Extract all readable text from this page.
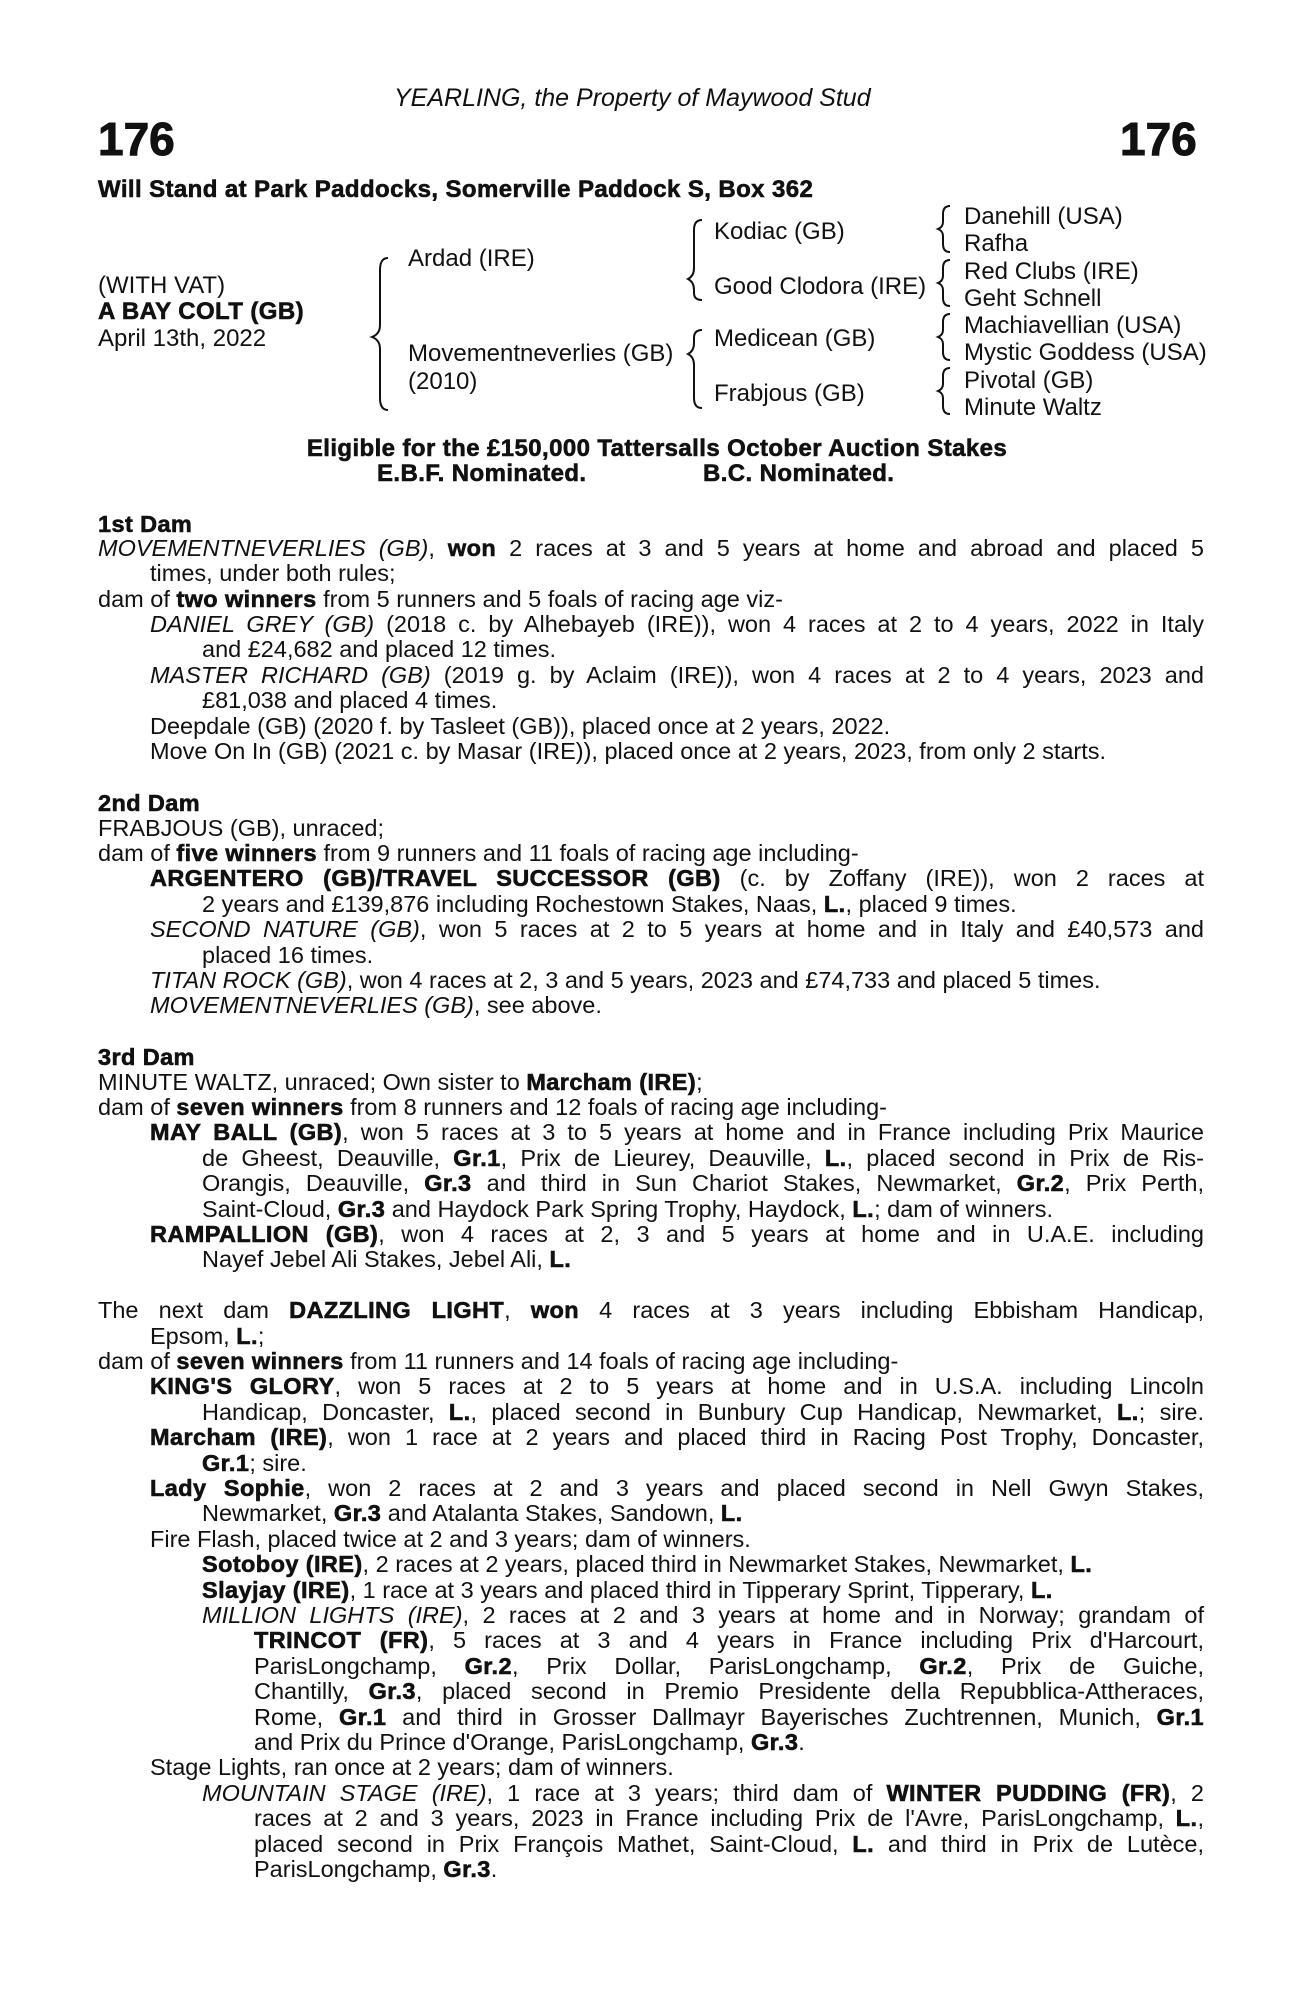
YEARLING, the Property of Maywood Stud
176	176
Will Stand at Park Paddocks, Somerville Paddock S, Box 362
(WITH VAT)
A BAY COLT (GB)
April 13th, 2022
Ardad (IRE)
Movementneverlies (GB)
(2010)
Kodiac (GB)
Good Clodora (IRE)
Medicean (GB)
Frabjous (GB)
Danehill (USA)
Rafha
Red Clubs (IRE)
Geht Schnell
Machiavellian (USA)
Mystic Goddess (USA)
Pivotal (GB)
Minute Waltz
Eligible for the £150,000 Tattersalls October Auction Stakes
E.B.F. Nominated.	B.C. Nominated.
1st Dam
MOVEMENTNEVERLIES (GB), won 2 races at 3 and 5 years at home and abroad and placed 5
times, under both rules;
dam of two winners from 5 runners and 5 foals of racing age viz-
DANIEL GREY (GB) (2018 c. by Alhebayeb (IRE)), won 4 races at 2 to 4 years, 2022 in Italy
and £24,682 and placed 12 times.
MASTER RICHARD (GB) (2019 g. by Aclaim (IRE)), won 4 races at 2 to 4 years, 2023 and
£81,038 and placed 4 times.
Deepdale (GB) (2020 f. by Tasleet (GB)), placed once at 2 years, 2022.
Move On In (GB) (2021 c. by Masar (IRE)), placed once at 2 years, 2023, from only 2 starts.
2nd Dam
FRABJOUS (GB), unraced;
dam of five winners from 9 runners and 11 foals of racing age including-
ARGENTERO (GB)/TRAVEL SUCCESSOR (GB) (c. by Zoffany (IRE)), won 2 races at
2 years and £139,876 including Rochestown Stakes, Naas, L., placed 9 times.
SECOND NATURE (GB), won 5 races at 2 to 5 years at home and in Italy and £40,573 and
placed 16 times.
TITAN ROCK (GB), won 4 races at 2, 3 and 5 years, 2023 and £74,733 and placed 5 times.
MOVEMENTNEVERLIES (GB), see above.
3rd Dam
MINUTE WALTZ, unraced; Own sister to Marcham (IRE);
dam of seven winners from 8 runners and 12 foals of racing age including-
MAY BALL (GB), won 5 races at 3 to 5 years at home and in France including Prix Maurice
de Gheest, Deauville, Gr.1, Prix de Lieurey, Deauville, L., placed second in Prix de Ris-
Orangis, Deauville, Gr.3 and third in Sun Chariot Stakes, Newmarket, Gr.2, Prix Perth,
Saint-Cloud, Gr.3 and Haydock Park Spring Trophy, Haydock, L.; dam of winners.
RAMPALLION (GB), won 4 races at 2, 3 and 5 years at home and in U.A.E. including
Nayef Jebel Ali Stakes, Jebel Ali, L.
The next dam DAZZLING LIGHT, won 4 races at 3 years including Ebbisham Handicap,
Epsom, L.;
dam of seven winners from 11 runners and 14 foals of racing age including-
KING'S GLORY, won 5 races at 2 to 5 years at home and in U.S.A. including Lincoln
Handicap, Doncaster, L., placed second in Bunbury Cup Handicap, Newmarket, L.; sire.
Marcham (IRE), won 1 race at 2 years and placed third in Racing Post Trophy, Doncaster,
Gr.1; sire.
Lady Sophie, won 2 races at 2 and 3 years and placed second in Nell Gwyn Stakes,
Newmarket, Gr.3 and Atalanta Stakes, Sandown, L.
Fire Flash, placed twice at 2 and 3 years; dam of winners.
Sotoboy (IRE), 2 races at 2 years, placed third in Newmarket Stakes, Newmarket, L.
Slayjay (IRE), 1 race at 3 years and placed third in Tipperary Sprint, Tipperary, L.
MILLION LIGHTS (IRE), 2 races at 2 and 3 years at home and in Norway; grandam of
TRINCOT (FR), 5 races at 3 and 4 years in France including Prix d'Harcourt,
ParisLongchamp, Gr.2, Prix Dollar, ParisLongchamp, Gr.2, Prix de Guiche,
Chantilly, Gr.3, placed second in Premio Presidente della Repubblica-Attheraces,
Rome, Gr.1 and third in Grosser Dallmayr Bayerisches Zuchtrennen, Munich, Gr.1
and Prix du Prince d'Orange, ParisLongchamp, Gr.3.
Stage Lights, ran once at 2 years; dam of winners.
MOUNTAIN STAGE (IRE), 1 race at 3 years; third dam of WINTER PUDDING (FR), 2
races at 2 and 3 years, 2023 in France including Prix de l'Avre, ParisLongchamp, L.,
placed second in Prix François Mathet, Saint-Cloud, L. and third in Prix de Lutèce,
ParisLongchamp, Gr.3.
